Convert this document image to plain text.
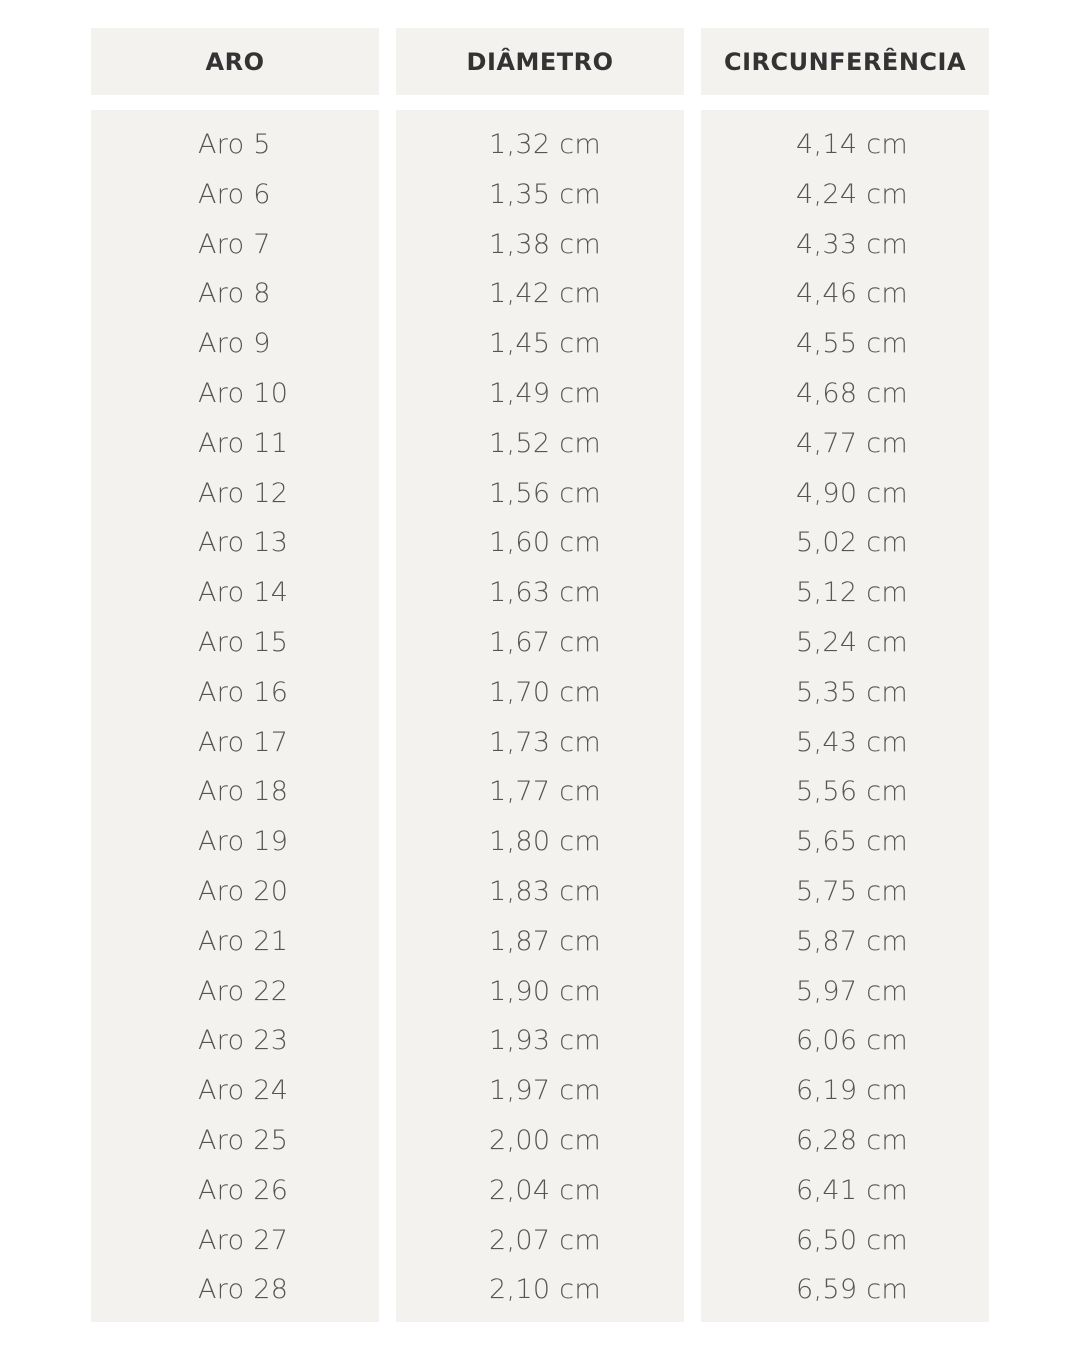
ARO	DIÂMETRO	CIRCUNFERÊNCIA
Aro 5
Aro 6
Aro 7
Aro 8
Aro 9
Aro 10
Aro 11
Aro 12
Aro 13
Aro 14
Aro 15
Aro 16
Aro 17
Aro 18
Aro 19
Aro 20
Aro 21
Aro 22
Aro 23
Aro 24
Aro 25
Aro 26
Aro 27
Aro 28
1,32 cm
1,35 cm
1,38 cm
1,42 cm
1,45 cm
1,49 cm
1,52 cm
1,56 cm
1,60 cm
1,63 cm
1,67 cm
1,70 cm
1,73 cm
1,77 cm
1,80 cm
1,83 cm
1,87 cm
1,90 cm
1,93 cm
1,97 cm
2,00 cm
2,04 cm
2,07 cm
2,10 cm
4,14 cm
4,24 cm
4,33 cm
4,46 cm
4,55 cm
4,68 cm
4,77 cm
4,90 cm
5,02 cm
5,12 cm
5,24 cm
5,35 cm
5,43 cm
5,56 cm
5,65 cm
5,75 cm
5,87 cm
5,97 cm
6,06 cm
6,19 cm
6,28 cm
6,41 cm
6,50 cm
6,59 cm
